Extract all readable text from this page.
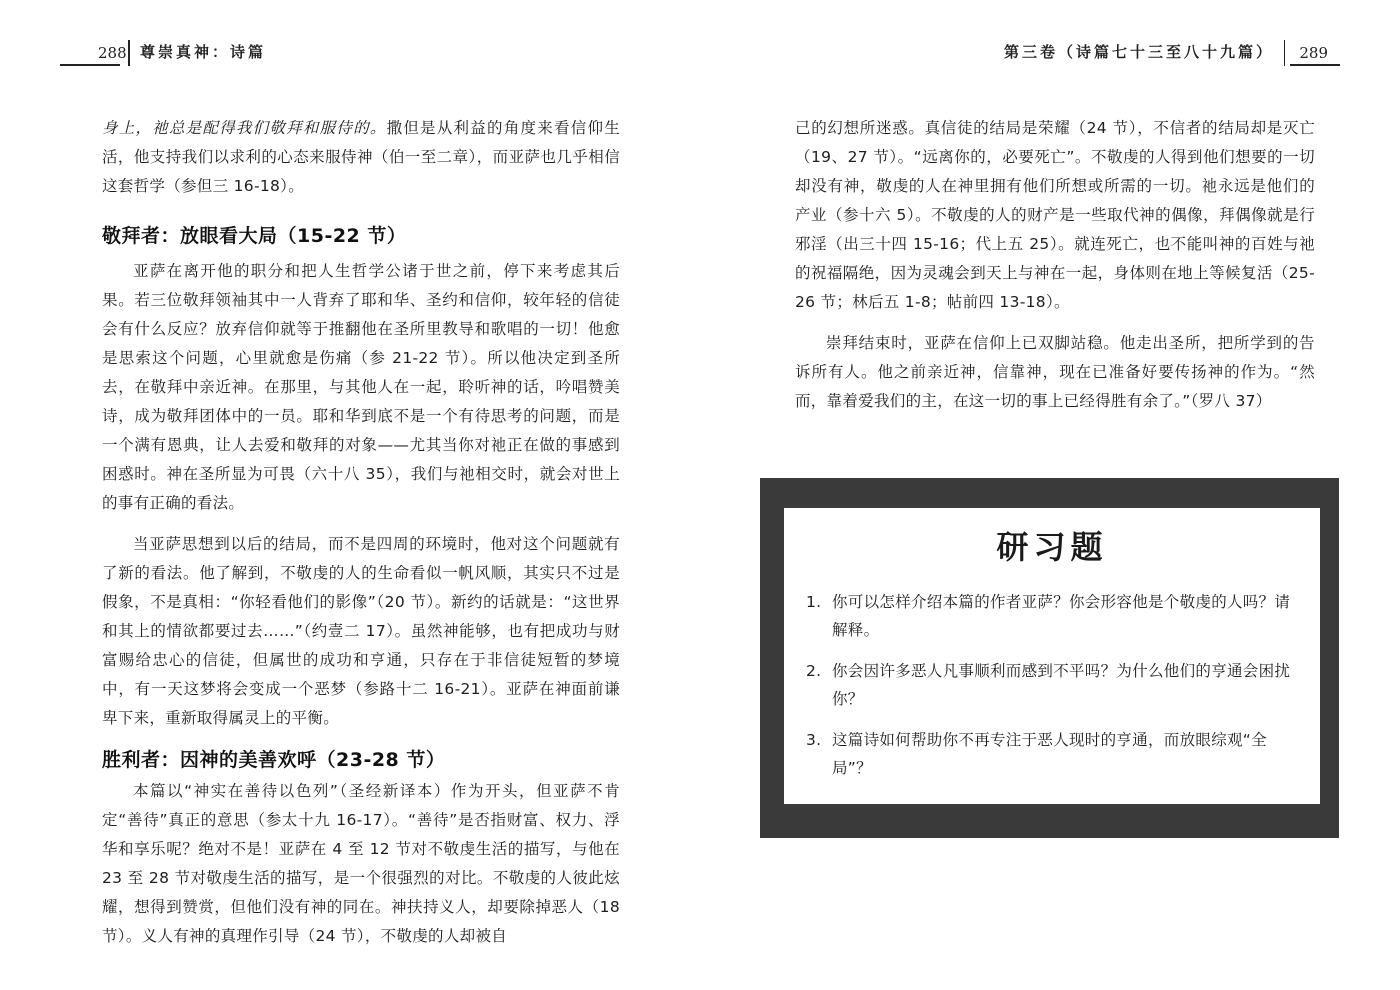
288 尊崇真神：诗篇	第三卷（诗篇七十三至八十九篇） 289

身上，祂总是配得我们敬拜和服侍的。撒但是从利益的角度来看信仰生活，他支持我们以求利的心态来服侍神（伯一至二章），而亚萨也几乎相信这套哲学（参但三 16-18）。

敬拜者：放眼看大局（15-22 节）

亚萨在离开他的职分和把人生哲学公诸于世之前，停下来考虑其后果。若三位敬拜领袖其中一人背弃了耶和华、圣约和信仰，较年轻的信徒会有什么反应？放弃信仰就等于推翻他在圣所里教导和歌唱的一切！他愈是思索这个问题，心里就愈是伤痛（参 21-22 节）。所以他决定到圣所去，在敬拜中亲近神。在那里，与其他人在一起，聆听神的话，吟唱赞美诗，成为敬拜团体中的一员。耶和华到底不是一个有待思考的问题，而是一个满有恩典，让人去爱和敬拜的对象——尤其当你对祂正在做的事感到困惑时。神在圣所显为可畏（六十八 35），我们与祂相交时，就会对世上的事有正确的看法。

当亚萨思想到以后的结局，而不是四周的环境时，他对这个问题就有了新的看法。他了解到，不敬虔的人的生命看似一帆风顺，其实只不过是假象，不是真相：“你轻看他们的影像”（20 节）。新约的话就是：“这世界和其上的情欲都要过去……”（约壹二 17）。虽然神能够，也有把成功与财富赐给忠心的信徒，但属世的成功和亨通，只存在于非信徒短暂的梦境中，有一天这梦将会变成一个恶梦（参路十二 16-21）。亚萨在神面前谦卑下来，重新取得属灵上的平衡。

胜利者：因神的美善欢呼（23-28 节）

本篇以“神实在善待以色列”（圣经新译本）作为开头，但亚萨不肯定“善待”真正的意思（参太十九 16-17）。“善待”是否指财富、权力、浮华和享乐呢？绝对不是！亚萨在 4 至 12 节对不敬虔生活的描写，与他在 23 至 28 节对敬虔生活的描写，是一个很强烈的对比。不敬虔的人彼此炫耀，想得到赞赏，但他们没有神的同在。神扶持义人，却要除掉恶人（18 节）。义人有神的真理作引导（24 节），不敬虔的人却被自

己的幻想所迷惑。真信徒的结局是荣耀（24 节），不信者的结局却是灭亡（19、27 节）。“远离你的，必要死亡”。不敬虔的人得到他们想要的一切却没有神，敬虔的人在神里拥有他们所想或所需的一切。祂永远是他们的产业（参十六 5）。不敬虔的人的财产是一些取代神的偶像，拜偶像就是行邪淫（出三十四 15-16；代上五 25）。就连死亡，也不能叫神的百姓与祂的祝福隔绝，因为灵魂会到天上与神在一起，身体则在地上等候复活（25-26 节；林后五 1-8；帖前四 13-18）。

崇拜结束时，亚萨在信仰上已双脚站稳。他走出圣所，把所学到的告诉所有人。他之前亲近神，信靠神，现在已准备好要传扬神的作为。“然而，靠着爱我们的主，在这一切的事上已经得胜有余了。”（罗八 37）

研习题
1. 你可以怎样介绍本篇的作者亚萨？你会形容他是个敬虔的人吗？请解释。
2. 你会因许多恶人凡事顺利而感到不平吗？为什么他们的亨通会困扰你？
3. 这篇诗如何帮助你不再专注于恶人现时的亨通，而放眼综观“全局”？
